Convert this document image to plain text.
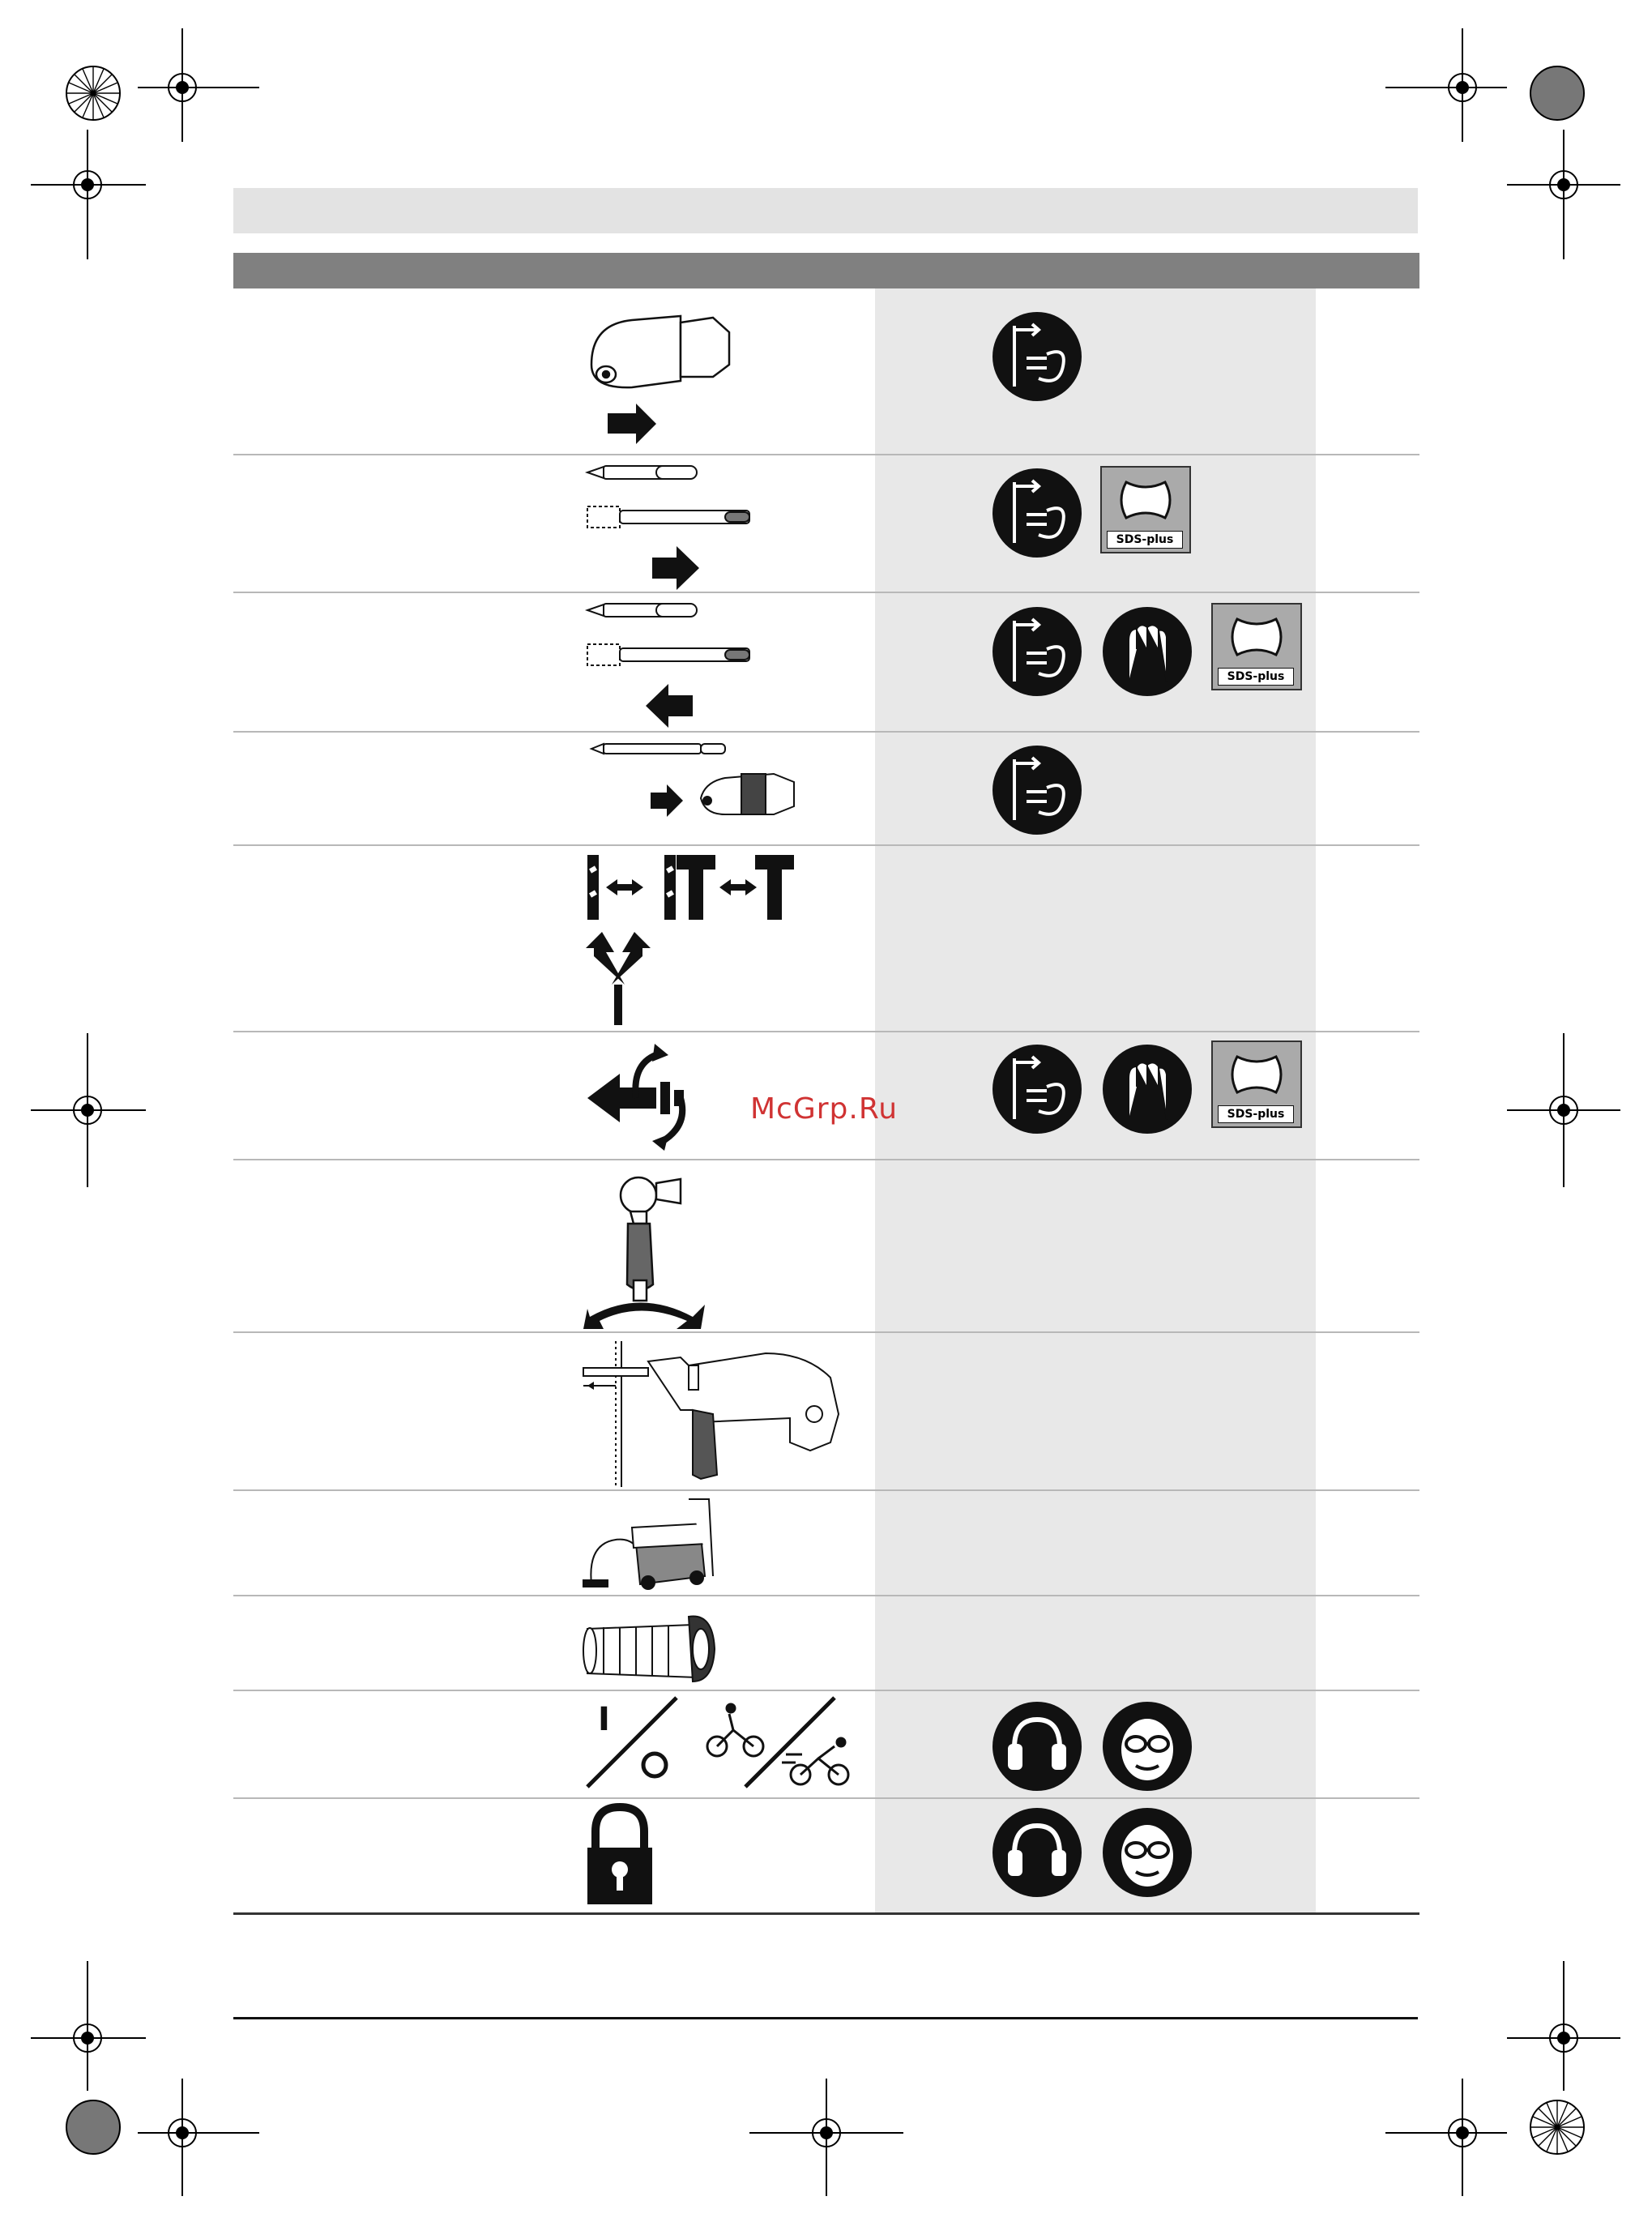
SDS-plus
SDS-plus
SDS-plus
McGrp.Ru
I
